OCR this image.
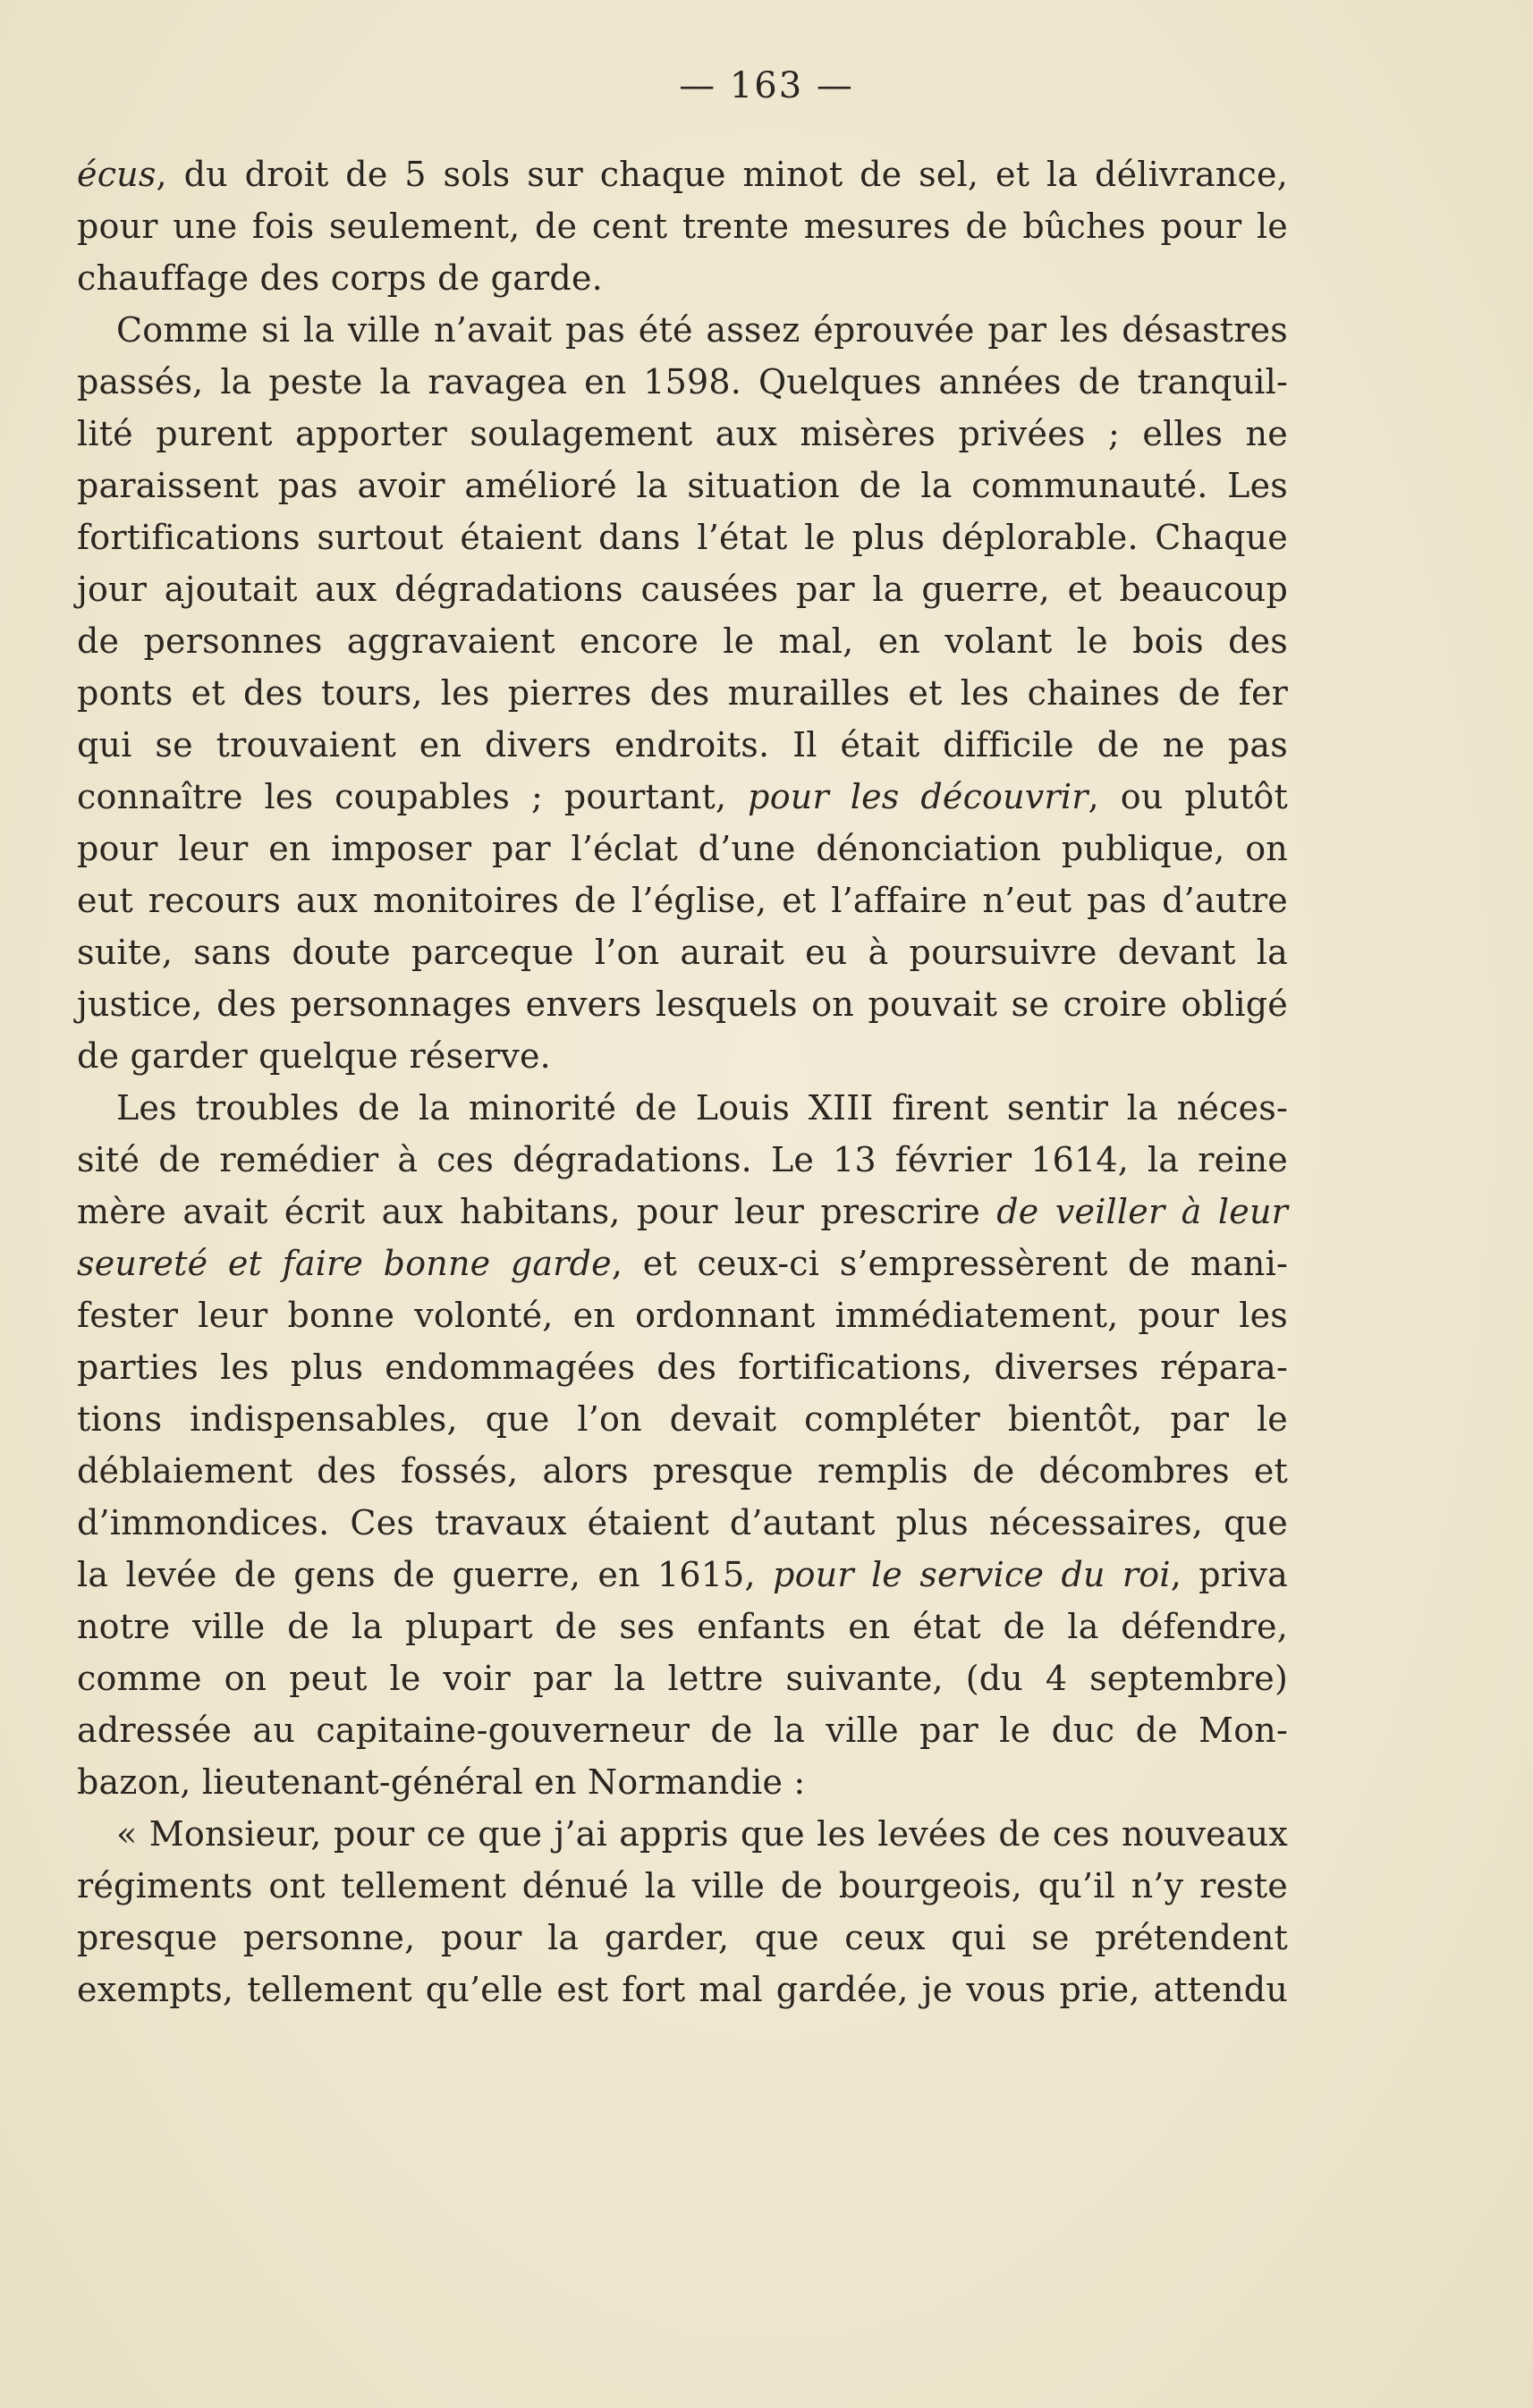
— 163 —
écus, du droit de 5 sols sur chaque minot de sel, et la délivrance,
pour une fois seulement, de cent trente mesures de bûches pour le
chauffage des corps de garde.
Comme si la ville n’avait pas été assez éprouvée par les désastres
passés, la peste la ravagea en 1598. Quelques années de tranquil-
lité purent apporter soulagement aux misères privées ; elles ne
paraissent pas avoir amélioré la situation de la communauté. Les
fortifications surtout étaient dans l’état le plus déplorable. Chaque
jour ajoutait aux dégradations causées par la guerre, et beaucoup
de personnes aggravaient encore le mal, en volant le bois des
ponts et des tours, les pierres des murailles et les chaines de fer
qui se trouvaient en divers endroits. Il était difficile de ne pas
connaître les coupables ; pourtant, pour les découvrir, ou plutôt
pour leur en imposer par l’éclat d’une dénonciation publique, on
eut recours aux monitoires de l’église, et l’affaire n’eut pas d’autre
suite, sans doute parceque l’on aurait eu à poursuivre devant la
justice, des personnages envers lesquels on pouvait se croire obligé
de garder quelque réserve.
Les troubles de la minorité de Louis XIII firent sentir la néces-
sité de remédier à ces dégradations. Le 13 février 1614, la reine
mère avait écrit aux habitans, pour leur prescrire de veiller à leur
seureté et faire bonne garde, et ceux-ci s’empressèrent de mani-
fester leur bonne volonté, en ordonnant immédiatement, pour les
parties les plus endommagées des fortifications, diverses répara-
tions indispensables, que l’on devait compléter bientôt, par le
déblaiement des fossés, alors presque remplis de décombres et
d’immondices. Ces travaux étaient d’autant plus nécessaires, que
la levée de gens de guerre, en 1615, pour le service du roi, priva
notre ville de la plupart de ses enfants en état de la défendre,
comme on peut le voir par la lettre suivante, (du 4 septembre)
adressée au capitaine-gouverneur de la ville par le duc de Mon-
bazon, lieutenant-général en Normandie :
« Monsieur, pour ce que j’ai appris que les levées de ces nouveaux
régiments ont tellement dénué la ville de bourgeois, qu’il n’y reste
presque personne, pour la garder, que ceux qui se prétendent
exempts, tellement qu’elle est fort mal gardée, je vous prie, attendu
